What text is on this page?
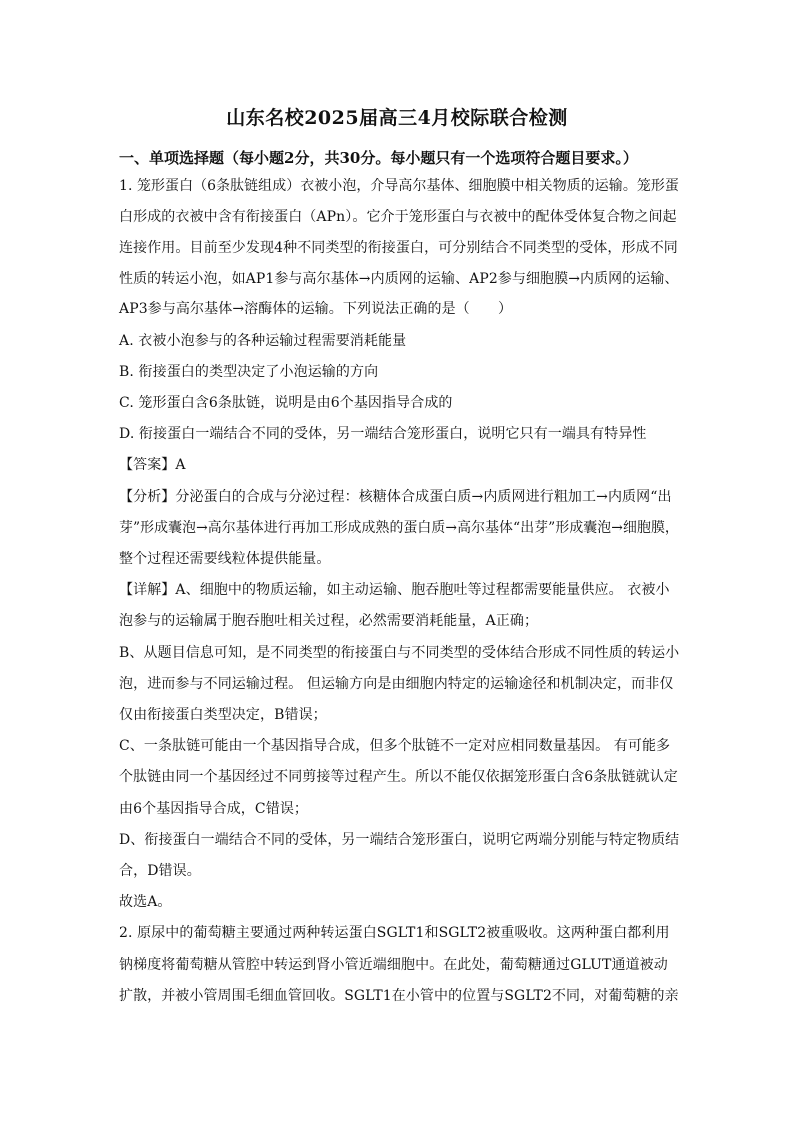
山东名校2025届高三4月校际联合检测
一、单项选择题（每小题2分，共30分。每小题只有一个选项符合题目要求。）
1. 笼形蛋白（6条肽链组成）衣被小泡，介导高尔基体、细胞膜中相关物质的运输。笼形蛋
白形成的衣被中含有衔接蛋白（APn）。它介于笼形蛋白与衣被中的配体受体复合物之间起
连接作用。目前至少发现4种不同类型的衔接蛋白，可分别结合不同类型的受体，形成不同
性质的转运小泡，如AP1参与高尔基体→内质网的运输、AP2参与细胞膜→内质网的运输、
AP3参与高尔基体→溶酶体的运输。下列说法正确的是（　　）
A. 衣被小泡参与的各种运输过程需要消耗能量
B. 衔接蛋白的类型决定了小泡运输的方向
C. 笼形蛋白含6条肽链，说明是由6个基因指导合成的
D. 衔接蛋白一端结合不同的受体，另一端结合笼形蛋白，说明它只有一端具有特异性
【答案】A
【分析】分泌蛋白的合成与分泌过程：核糖体合成蛋白质→内质网进行粗加工→内质网“出
芽”形成囊泡→高尔基体进行再加工形成成熟的蛋白质→高尔基体“出芽”形成囊泡→细胞膜，
整个过程还需要线粒体提供能量。
【详解】A、细胞中的物质运输，如主动运输、胞吞胞吐等过程都需要能量供应。 衣被小
泡参与的运输属于胞吞胞吐相关过程，必然需要消耗能量，A正确；
B、从题目信息可知，是不同类型的衔接蛋白与不同类型的受体结合形成不同性质的转运小
泡，进而参与不同运输过程。 但运输方向是由细胞内特定的运输途径和机制决定，而非仅
仅由衔接蛋白类型决定，B错误；
C、一条肽链可能由一个基因指导合成，但多个肽链不一定对应相同数量基因。 有可能多
个肽链由同一个基因经过不同剪接等过程产生。所以不能仅依据笼形蛋白含6条肽链就认定
由6个基因指导合成，C错误；
D、衔接蛋白一端结合不同的受体，另一端结合笼形蛋白，说明它两端分别能与特定物质结
合，D错误。
故选A。
2. 原尿中的葡萄糖主要通过两种转运蛋白SGLT1和SGLT2被重吸收。这两种蛋白都利用
钠梯度将葡萄糖从管腔中转运到肾小管近端细胞中。在此处，葡萄糖通过GLUT通道被动
扩散，并被小管周围毛细血管回收。SGLT1在小管中的位置与SGLT2不同，对葡萄糖的亲
